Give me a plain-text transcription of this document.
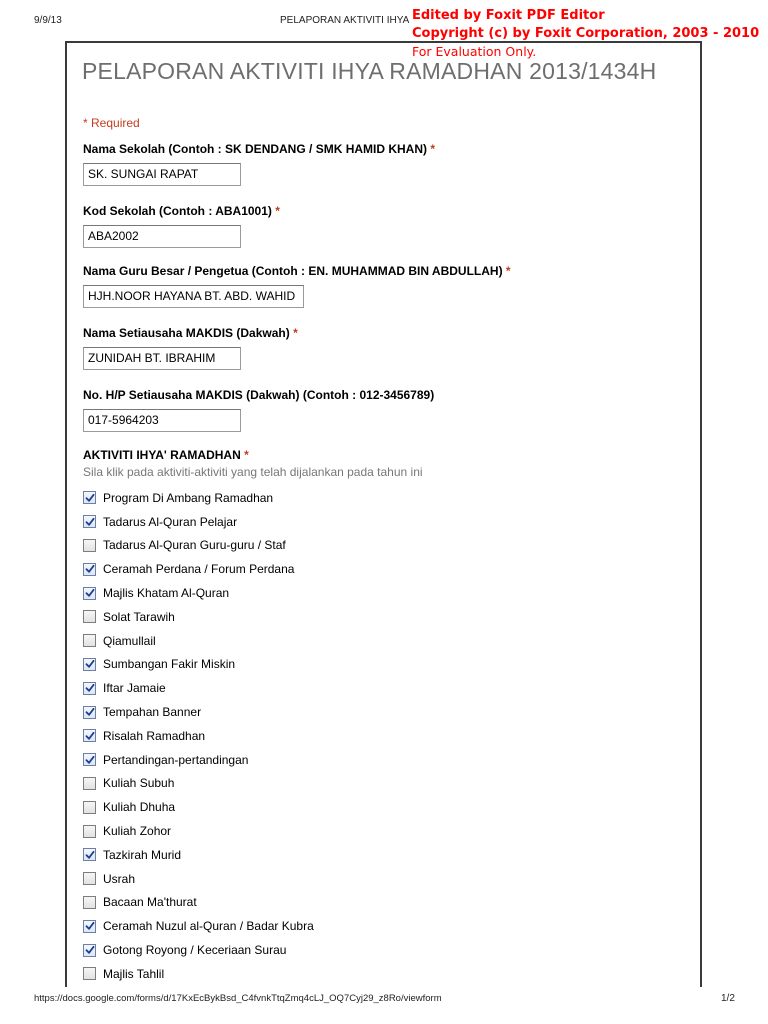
9/9/13	PELAPORAN AKTIVITI IHYA Edited by Foxit PDF Editor
Copyright (c) by Foxit Corporation, 2003 - 2010
For Evaluation Only.
PELAPORAN AKTIVITI IHYA RAMADHAN 2013/1434H
* Required
Nama Sekolah (Contoh : SK DENDANG / SMK HAMID KHAN) *
SK. SUNGAI RAPAT
Kod Sekolah (Contoh : ABA1001) *
ABA2002
Nama Guru Besar / Pengetua (Contoh : EN. MUHAMMAD BIN ABDULLAH) *
HJH.NOOR HAYANA BT. ABD. WAHID
Nama Setiausaha MAKDIS (Dakwah) *
ZUNIDAH BT. IBRAHIM
No. H/P Setiausaha MAKDIS (Dakwah) (Contoh : 012-3456789)
017-5964203
AKTIVITI IHYA' RAMADHAN *
Sila klik pada aktiviti-aktiviti yang telah dijalankan pada tahun ini
Program Di Ambang Ramadhan
Tadarus Al-Quran Pelajar
Tadarus Al-Quran Guru-guru / Staf
Ceramah Perdana / Forum Perdana
Majlis Khatam Al-Quran
Solat Tarawih
Qiamullail
Sumbangan Fakir Miskin
Iftar Jamaie
Tempahan Banner
Risalah Ramadhan
Pertandingan-pertandingan
Kuliah Subuh
Kuliah Dhuha
Kuliah Zohor
Tazkirah Murid
Usrah
Bacaan Ma'thurat
Ceramah Nuzul al-Quran / Badar Kubra
Gotong Royong / Keceriaan Surau
Majlis Tahlil
https://docs.google.com/forms/d/17KxEcBykBsd_C4fvnkTtqZmq4cLJ_OQ7Cyj29_z8Ro/viewform	1/2
